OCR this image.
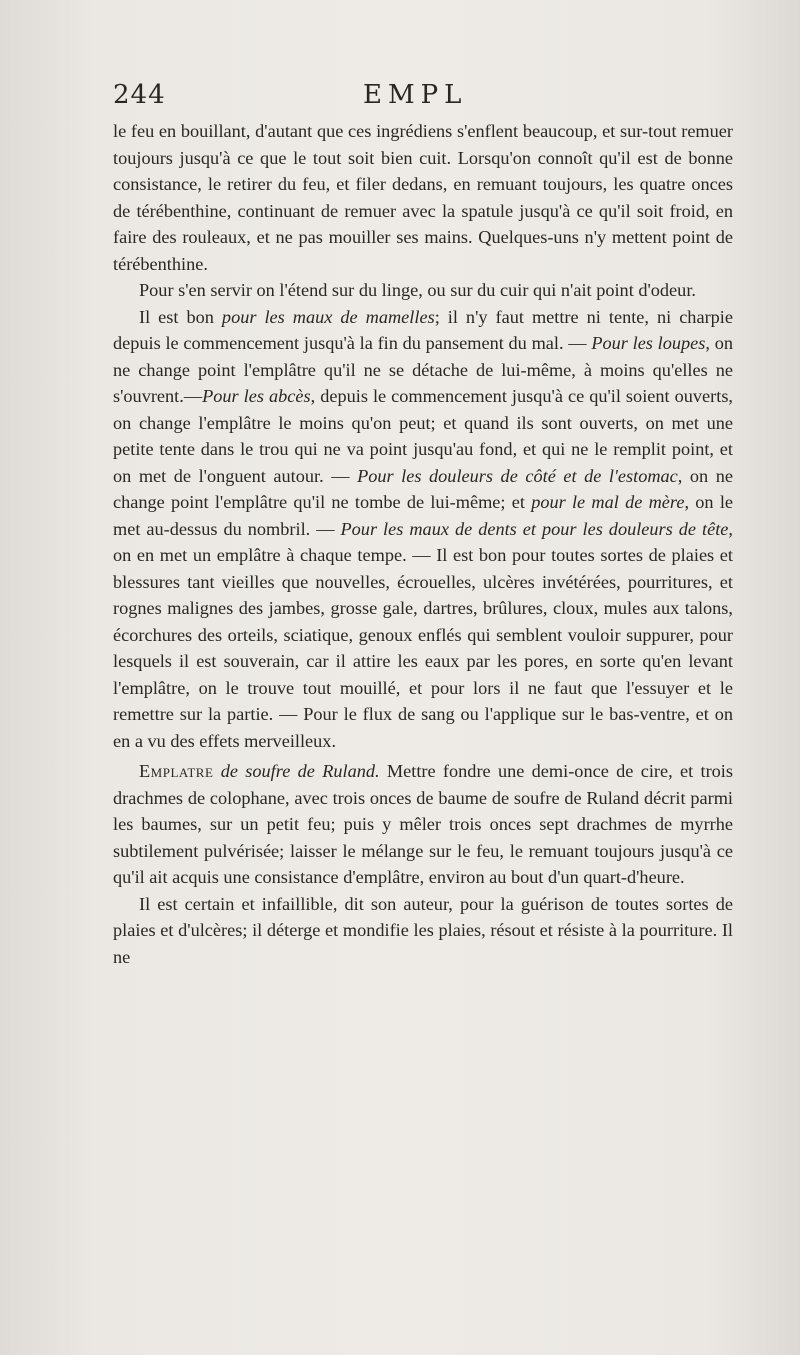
244	EMPL

le feu en bouillant, d'autant que ces ingrédiens s'enflent beaucoup, et sur-tout remuer toujours jusqu'à ce que le tout soit bien cuit. Lorsqu'on connoît qu'il est de bonne consistance, le retirer du feu, et filer dedans, en remuant toujours, les quatre onces de térébenthine, continuant de remuer avec la spatule jusqu'à ce qu'il soit froid, en faire des rouleaux, et ne pas mouiller ses mains. Quelques-uns n'y mettent point de térébenthine.

Pour s'en servir on l'étend sur du linge, ou sur du cuir qui n'ait point d'odeur.

Il est bon pour les maux de mamelles; il n'y faut mettre ni tente, ni charpie depuis le commencement jusqu'à la fin du pansement du mal. — Pour les loupes, on ne change point l'emplâtre qu'il ne se détache de lui-même, à moins qu'elles ne s'ouvrent.—Pour les abcès, depuis le commencement jusqu'à ce qu'il soient ouverts, on change l'emplâtre le moins qu'on peut; et quand ils sont ouverts, on met une petite tente dans le trou qui ne va point jusqu'au fond, et qui ne le remplit point, et on met de l'onguent autour. — Pour les douleurs de côté et de l'estomac, on ne change point l'emplâtre qu'il ne tombe de lui-même; et pour le mal de mère, on le met au-dessus du nombril. — Pour les maux de dents et pour les douleurs de tête, on en met un emplâtre à chaque tempe. — Il est bon pour toutes sortes de plaies et blessures tant vieilles que nouvelles, écrouelles, ulcères invétérées, pourritures, et rognes malignes des jambes, grosse gale, dartres, brûlures, cloux, mules aux talons, écorchures des orteils, sciatique, genoux enflés qui semblent vouloir suppurer, pour lesquels il est souverain, car il attire les eaux par les pores, en sorte qu'en levant l'emplâtre, on le trouve tout mouillé, et pour lors il ne faut que l'essuyer et le remettre sur la partie. — Pour le flux de sang ou l'applique sur le bas-ventre, et on en a vu des effets merveilleux.

Emplatre de soufre de Ruland. Mettre fondre une demi-once de cire, et trois drachmes de colophane, avec trois onces de baume de soufre de Ruland décrit parmi les baumes, sur un petit feu; puis y mêler trois onces sept drachmes de myrrhe subtilement pulvérisée; laisser le mélange sur le feu, le remuant toujours jusqu'à ce qu'il ait acquis une consistance d'emplâtre, environ au bout d'un quart-d'heure.

Il est certain et infaillible, dit son auteur, pour la guérison de toutes sortes de plaies et d'ulcères; il déterge et mondifie les plaies, résout et résiste à la pourriture. Il ne
